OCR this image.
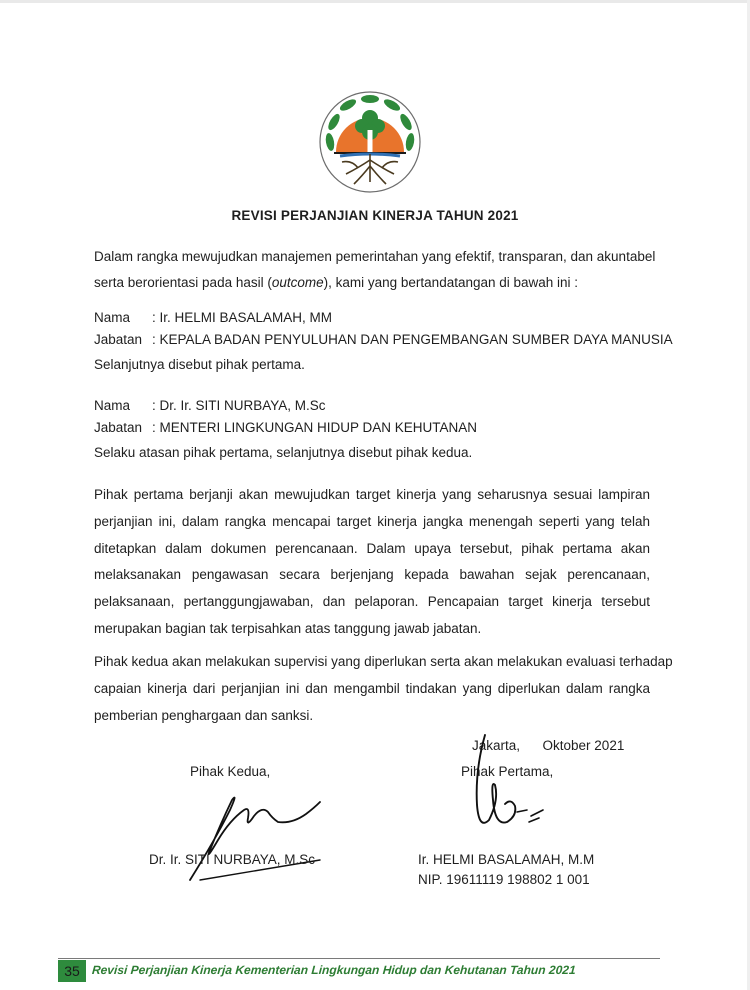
REVISI PERJANJIAN KINERJA TAHUN 2021
Dalam rangka mewujudkan manajemen pemerintahan yang efektif, transparan, dan akuntabel
serta berorientasi pada hasil (outcome), kami yang bertandatangan di bawah ini :
Nama : Ir. HELMI BASALAMAH, MM
Jabatan : KEPALA BADAN PENYULUHAN DAN PENGEMBANGAN SUMBER DAYA MANUSIA
Selanjutnya disebut pihak pertama.
Nama : Dr. Ir. SITI NURBAYA, M.Sc
Jabatan : MENTERI LINGKUNGAN HIDUP DAN KEHUTANAN
Selaku atasan pihak pertama, selanjutnya disebut pihak kedua.
Pihak pertama berjanji akan mewujudkan target kinerja yang seharusnya sesuai lampiran
perjanjian ini, dalam rangka mencapai target kinerja jangka menengah seperti yang telah
ditetapkan dalam dokumen perencanaan. Dalam upaya tersebut, pihak pertama akan
melaksanakan pengawasan secara berjenjang kepada bawahan sejak perencanaan,
pelaksanaan, pertanggungjawaban, dan pelaporan. Pencapaian target kinerja tersebut
merupakan bagian tak terpisahkan atas tanggung jawab jabatan.
Pihak kedua akan melakukan supervisi yang diperlukan serta akan melakukan evaluasi terhadap
capaian kinerja dari perjanjian ini dan mengambil tindakan yang diperlukan dalam rangka
pemberian penghargaan dan sanksi.
Jakarta,      Oktober 2021
Pihak Kedua,	Pihak Pertama,
Dr. Ir. SITI NURBAYA, M.Sc	Ir. HELMI BASALAMAH, M.M
NIP. 19611119 198802 1 001
35 Revisi Perjanjian Kinerja Kementerian Lingkungan Hidup dan Kehutanan Tahun 2021
